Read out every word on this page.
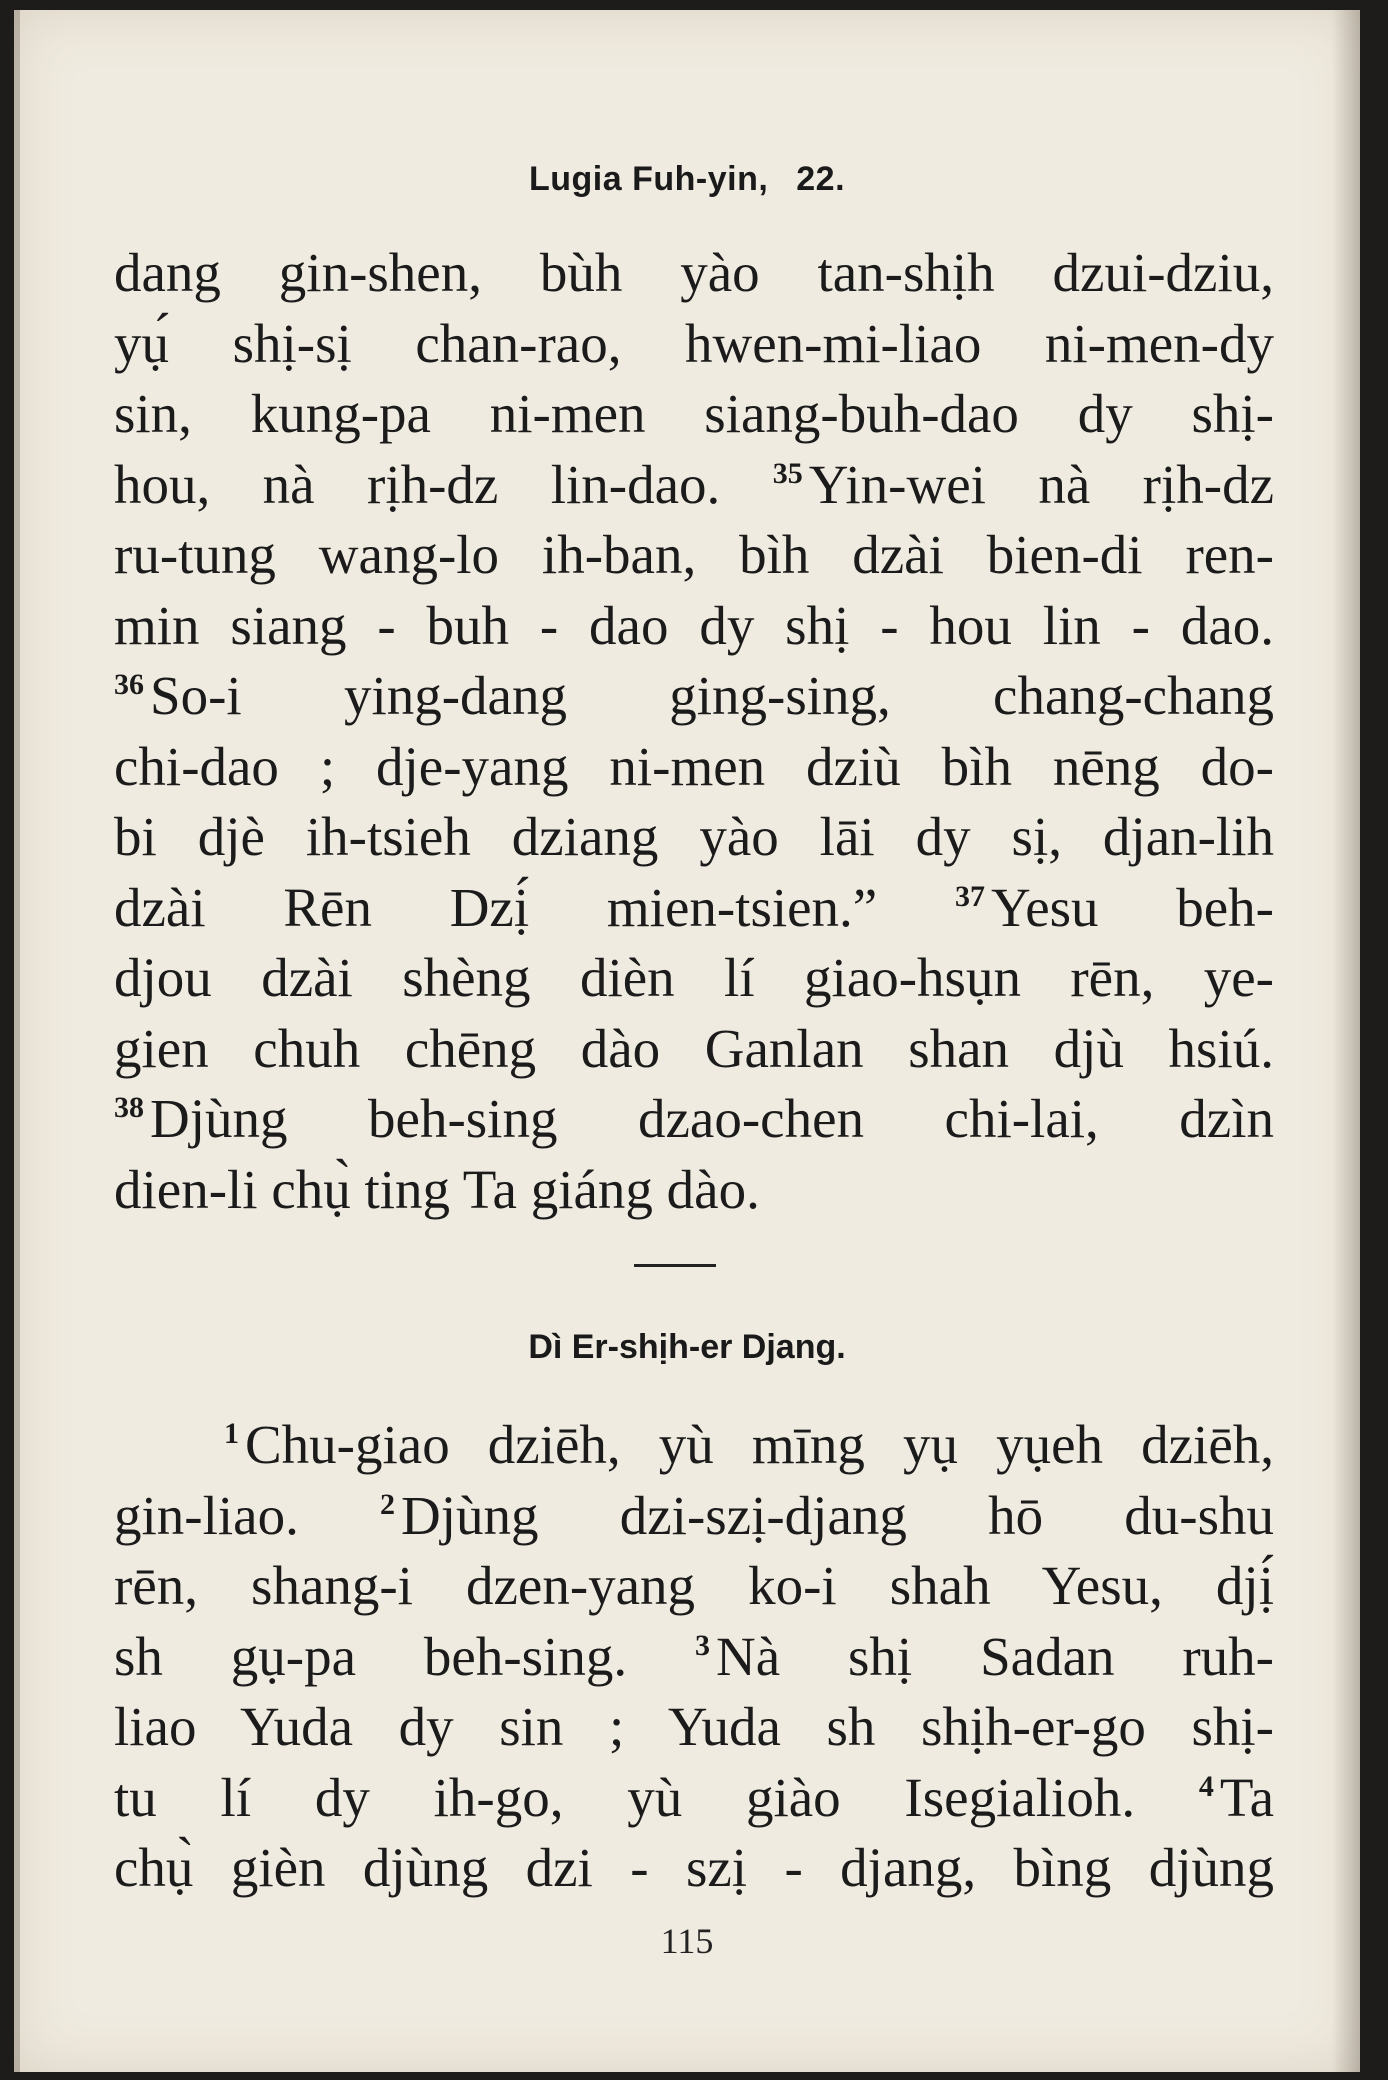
Lugia Fuh-yin, 22.
dang gin-shen, bùh yào tan-shịh dzui-dziu,
yụ́ shị-sị chan-rao, hwen-mi-liao ni-men-dy
sin, kung-pa ni-men siang-buh-dao dy shị-
hou, nà rịh-dz lin-dao. $^{35}$ Yin-wei nà rịh-dz
ru-tung wang-lo ih-ban, bìh dzài bien-di ren-
min siang - buh - dao dy shị - hou lin - dao.
$^{36}$ So-i ying-dang ging-sing, chang-chang
chi-dao ; dje-yang ni-men dziù bìh nēng do-
bi djè ih-tsieh dziang yào lāi dy sị, djan-lih
dzài Rēn Dzị́ mien-tsien.”	$^{37}$ Yesu beh-
djou dzài shèng dièn lí giao-hsụn rēn, ye-
gien chuh chēng dào Ganlan shan djù hsiú.
$^{38}$ Djùng beh-sing dzao-chen chi-lai, dzìn
dien-li chụ̀ ting Ta giáng dào.
Dì Er-shịh-er Djang.
$^1$ Chu-giao dziēh, yù mīng yụ yụeh dziēh,
gin-liao.	$^2$ Djùng dzi-szị-djang hō du-shu
rēn, shang-i dzen-yang ko-i shah Yesu, djị́
sh gụ-pa beh-sing. $^3$ Nà shị Sadan ruh-
liao Yuda dy sin ; Yuda sh shịh-er-go shị-
tu lí dy ih-go, yù giào Isegialioh. $^4$ Ta
chụ̀ gièn djùng dzi - szị - djang, bìng djùng
115
